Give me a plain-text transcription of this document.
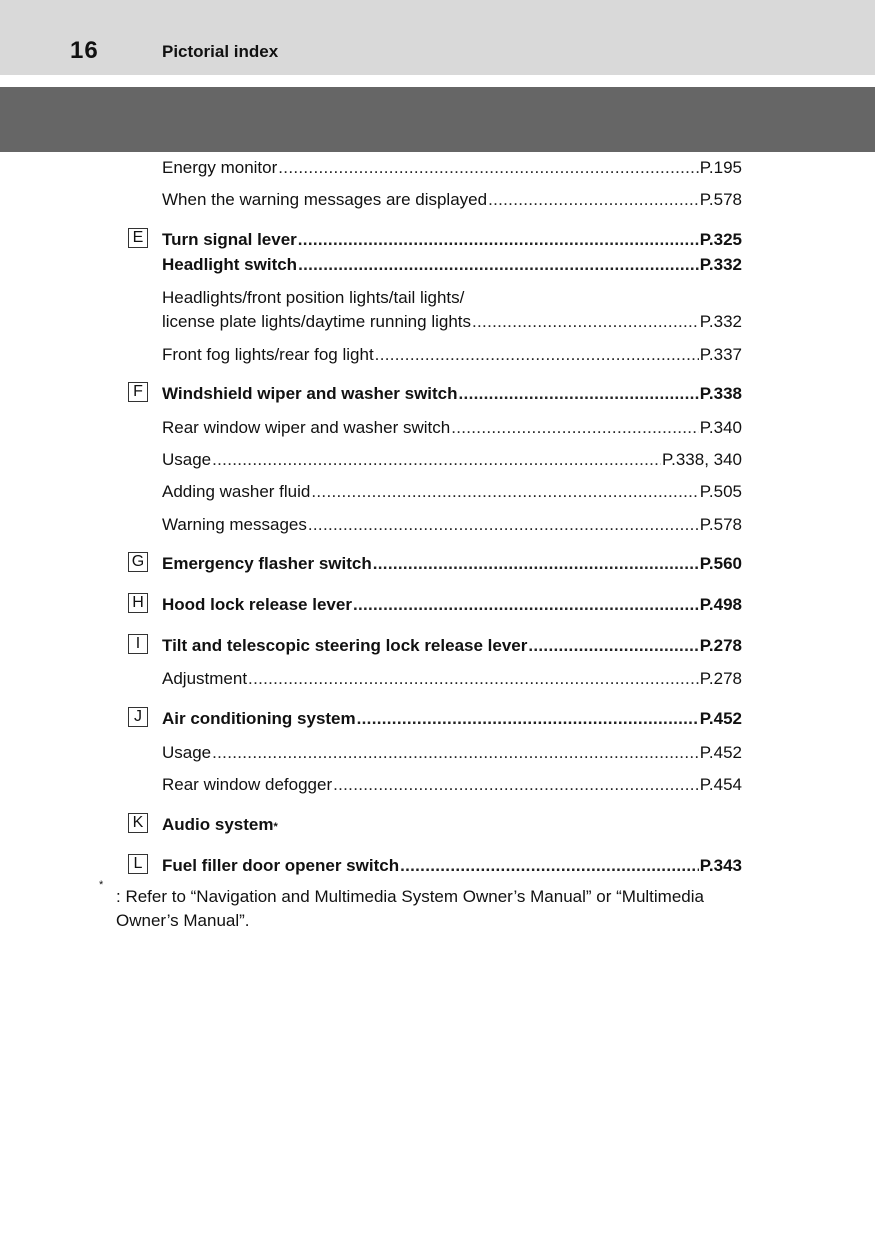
16	Pictorial index
Energy monitor .....	P.195
When the warning messages are displayed .....	P.578
E Turn signal lever .....	P.325
Headlight switch .....	P.332
Headlights/front position lights/tail lights/
license plate lights/daytime running lights .....	P.332
Front fog lights/rear fog light .....	P.337
F	Windshield wiper and washer switch .....	P.338
Rear window wiper and washer switch .....	P.340
Usage .....	P.338, 340
Adding washer fluid .....	P.505
Warning messages .....	P.578
G Emergency flasher switch .....	P.560
H Hood lock release lever .....	P.498
I	Tilt and telescopic steering lock release lever .....	P.278
Adjustment .....	P.278
J	Air conditioning system .....	P.452
Usage .....	P.452
Rear window defogger .....	P.454
K Audio system *
L	Fuel filler door opener switch .....	P.343
*
: Refer to “Navigation and Multimedia System Owner’s Manual” or “Multimedia Owner’s Manual”.
